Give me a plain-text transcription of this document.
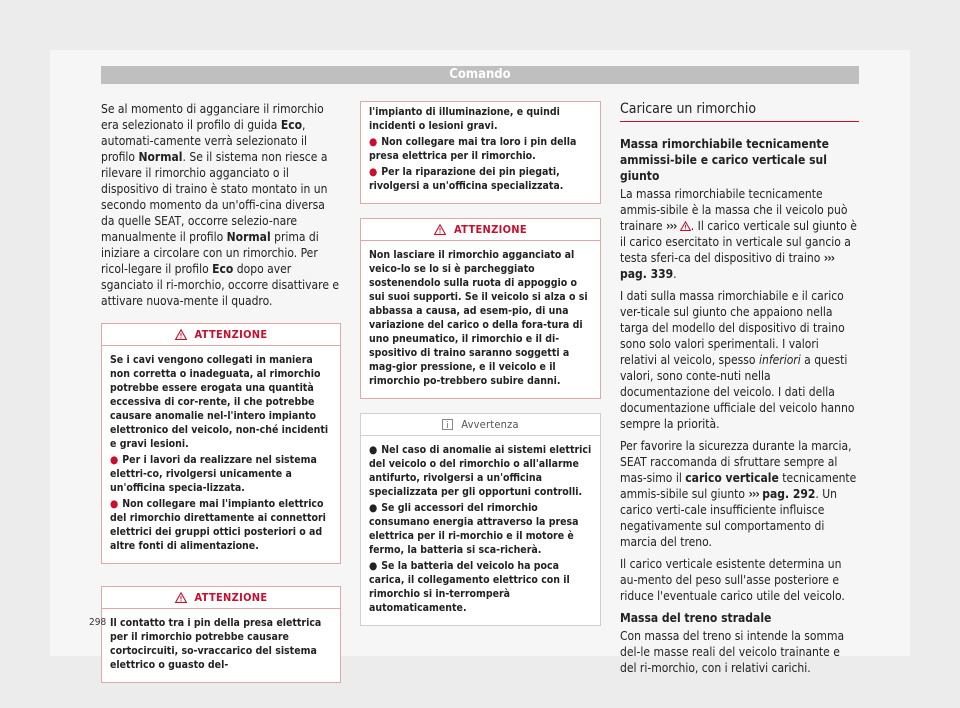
Comando

Se al momento di agganciare il rimorchio era selezionato il profilo di guida Eco, automati-camente verrà selezionato il profilo Normal. Se il sistema non riesce a rilevare il rimorchio agganciato o il dispositivo di traino è stato montato in un secondo momento da un'offi-cina diversa da quelle SEAT, occorre selezio-nare manualmente il profilo Normal prima di iniziare a circolare con un rimorchio. Per ricol-legare il profilo Eco dopo aver sganciato il ri-morchio, occorre disattivare e attivare nuova-mente il quadro.

ATTENZIONE

Se i cavi vengono collegati in maniera non corretta o inadeguata, al rimorchio potrebbe essere erogata una quantità eccessiva di cor-rente, il che potrebbe causare anomalie nel-l'intero impianto elettronico del veicolo, non-ché incidenti e gravi lesioni.

● Per i lavori da realizzare nel sistema elettri-co, rivolgersi unicamente a un'officina specia-lizzata.

● Non collegare mai l'impianto elettrico del rimorchio direttamente ai connettori elettrici dei gruppi ottici posteriori o ad altre fonti di alimentazione.

ATTENZIONE

Il contatto tra i pin della presa elettrica per il rimorchio potrebbe causare cortocircuiti, so-vraccarico del sistema elettrico o guasto del-

l'impianto di illuminazione, e quindi incidenti o lesioni gravi.

● Non collegare mai tra loro i pin della presa elettrica per il rimorchio.

● Per la riparazione dei pin piegati, rivolgersi a un'officina specializzata.

ATTENZIONE

Non lasciare il rimorchio agganciato al veico-lo se lo si è parcheggiato sostenendolo sulla ruota di appoggio o sui suoi supporti. Se il veicolo si alza o si abbassa a causa, ad esem-pio, di una variazione del carico o della fora-tura di uno pneumatico, il rimorchio e il di-spositivo di traino saranno soggetti a mag-gior pressione, e il veicolo e il rimorchio po-trebbero subire danni.

Avvertenza

● Nel caso di anomalie ai sistemi elettrici del veicolo o del rimorchio o all'allarme antifurto, rivolgersi a un'officina specializzata per gli opportuni controlli.

● Se gli accessori del rimorchio consumano energia attraverso la presa elettrica per il ri-morchio e il motore è fermo, la batteria si sca-richerà.

● Se la batteria del veicolo ha poca carica, il collegamento elettrico con il rimorchio si in-terromperà automaticamente.

Caricare un rimorchio

Massa rimorchiabile tecnicamente ammissi-bile e carico verticale sul giunto

La massa rimorchiabile tecnicamente ammis-sibile è la massa che il veicolo può trainare ››› . Il carico verticale sul giunto è il carico esercitato in verticale sul gancio a testa sferi-ca del dispositivo di traino ››› pag. 339.

I dati sulla massa rimorchiabile e il carico ver-ticale sul giunto che appaiono nella targa del modello del dispositivo di traino sono solo valori sperimentali. I valori relativi al veicolo, spesso inferiori a questi valori, sono conte-nuti nella documentazione del veicolo. I dati della documentazione ufficiale del veicolo hanno sempre la priorità.

Per favorire la sicurezza durante la marcia, SEAT raccomanda di sfruttare sempre al mas-simo il carico verticale tecnicamente ammis-sibile sul giunto ››› pag. 292. Un carico verti-cale insufficiente influisce negativamente sul comportamento di marcia del treno.

Il carico verticale esistente determina un au-mento del peso sull'asse posteriore e riduce l'eventuale carico utile del veicolo.

Massa del treno stradale

Con massa del treno si intende la somma del-le masse reali del veicolo trainante e del ri-morchio, con i relativi carichi.

298
